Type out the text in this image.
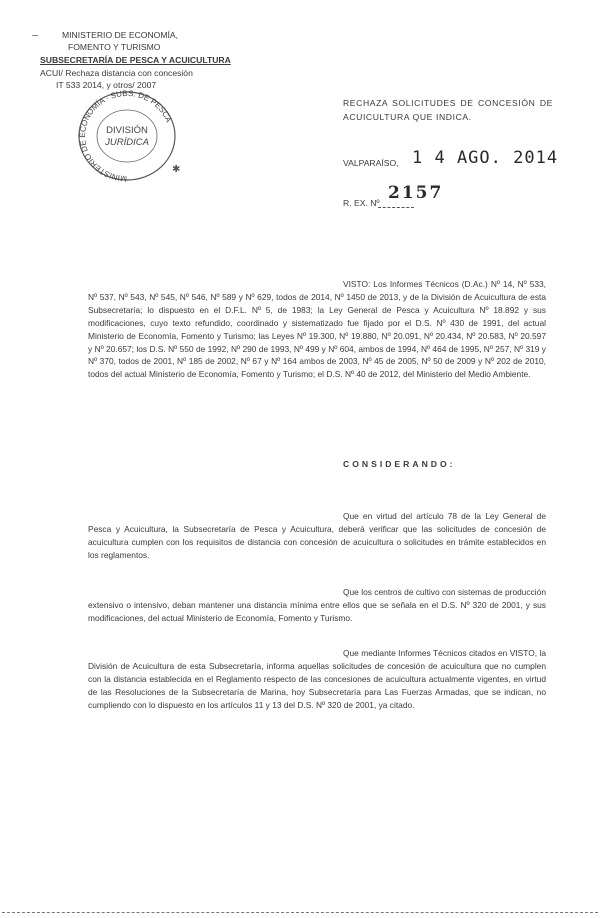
MINISTERIO DE ECONOMÍA,
FOMENTO Y TURISMO
SUBSECRETARÍA DE PESCA Y ACUICULTURA
ACUI/ Rechaza distancia con concesión
IT 533 2014, y otros/ 2007
MINISTERIO DE ECONOMÍA · SUBS. DE PESCA
DIVISIÓN
JURÍDICA
✱
RECHAZA SOLICITUDES DE CONCESIÓN DE ACUICULTURA QUE INDICA.
VALPARAÍSO, 1 4 AGO. 2014
R. EX. Nº 2157
VISTO: Los Informes Técnicos (D.Ac.) Nº 14, Nº 533, Nº 537, Nº 543, Nº 545, Nº 546, Nº 589 y Nº 629, todos de 2014, Nº 1450 de 2013, y de la División de Acuicultura de esta Subsecretaría; lo dispuesto en el D.F.L. Nº 5, de 1983; la Ley General de Pesca y Acuicultura Nº 18.892 y sus modificaciones, cuyo texto refundido, coordinado y sistematizado fue fijado por el D.S. Nº 430 de 1991, del actual Ministerio de Economía, Fomento y Turismo; las Leyes Nº 19.300, Nº 19.880, Nº 20.091, Nº 20.434, Nº 20.583, Nº 20.597 y Nº 20.657; los D.S. Nº 550 de 1992, Nº 290 de 1993, Nº 499 y Nº 604, ambos de 1994, Nº 464 de 1995, Nº 257, Nº 319 y Nº 370, todos de 2001, Nº 185 de 2002, Nº 67 y Nº 164 ambos de 2003, Nº 45 de 2005, Nº 50 de 2009 y Nº 202 de 2010, todos del actual Ministerio de Economía, Fomento y Turismo; el D.S. Nº 40 de 2012, del Ministerio del Medio Ambiente.
CONSIDERANDO:
Que en virtud del artículo 78 de la Ley General de Pesca y Acuicultura, la Subsecretaría de Pesca y Acuicultura, deberá verificar que las solicitudes de concesión de acuicultura cumplen con los requisitos de distancia con concesión de acuicultura o solicitudes en trámite establecidos en los reglamentos.
Que los centros de cultivo con sistemas de producción extensivo o intensivo, deban mantener una distancia mínima entre ellos que se señala en el D.S. Nº 320 de 2001, y sus modificaciones, del actual Ministerio de Economía, Fomento y Turismo.
Que mediante Informes Técnicos citados en VISTO, la División de Acuicultura de esta Subsecretaría, informa aquellas solicitudes de concesión de acuicultura que no cumplen con la distancia establecida en el Reglamento respecto de las concesiones de acuicultura actualmente vigentes, en virtud de las Resoluciones de la Subsecretaría de Marina, hoy Subsecretaría para Las Fuerzas Armadas, que se indican, no cumpliendo con lo dispuesto en los artículos 11 y 13 del D.S. Nº 320 de 2001, ya citado.
